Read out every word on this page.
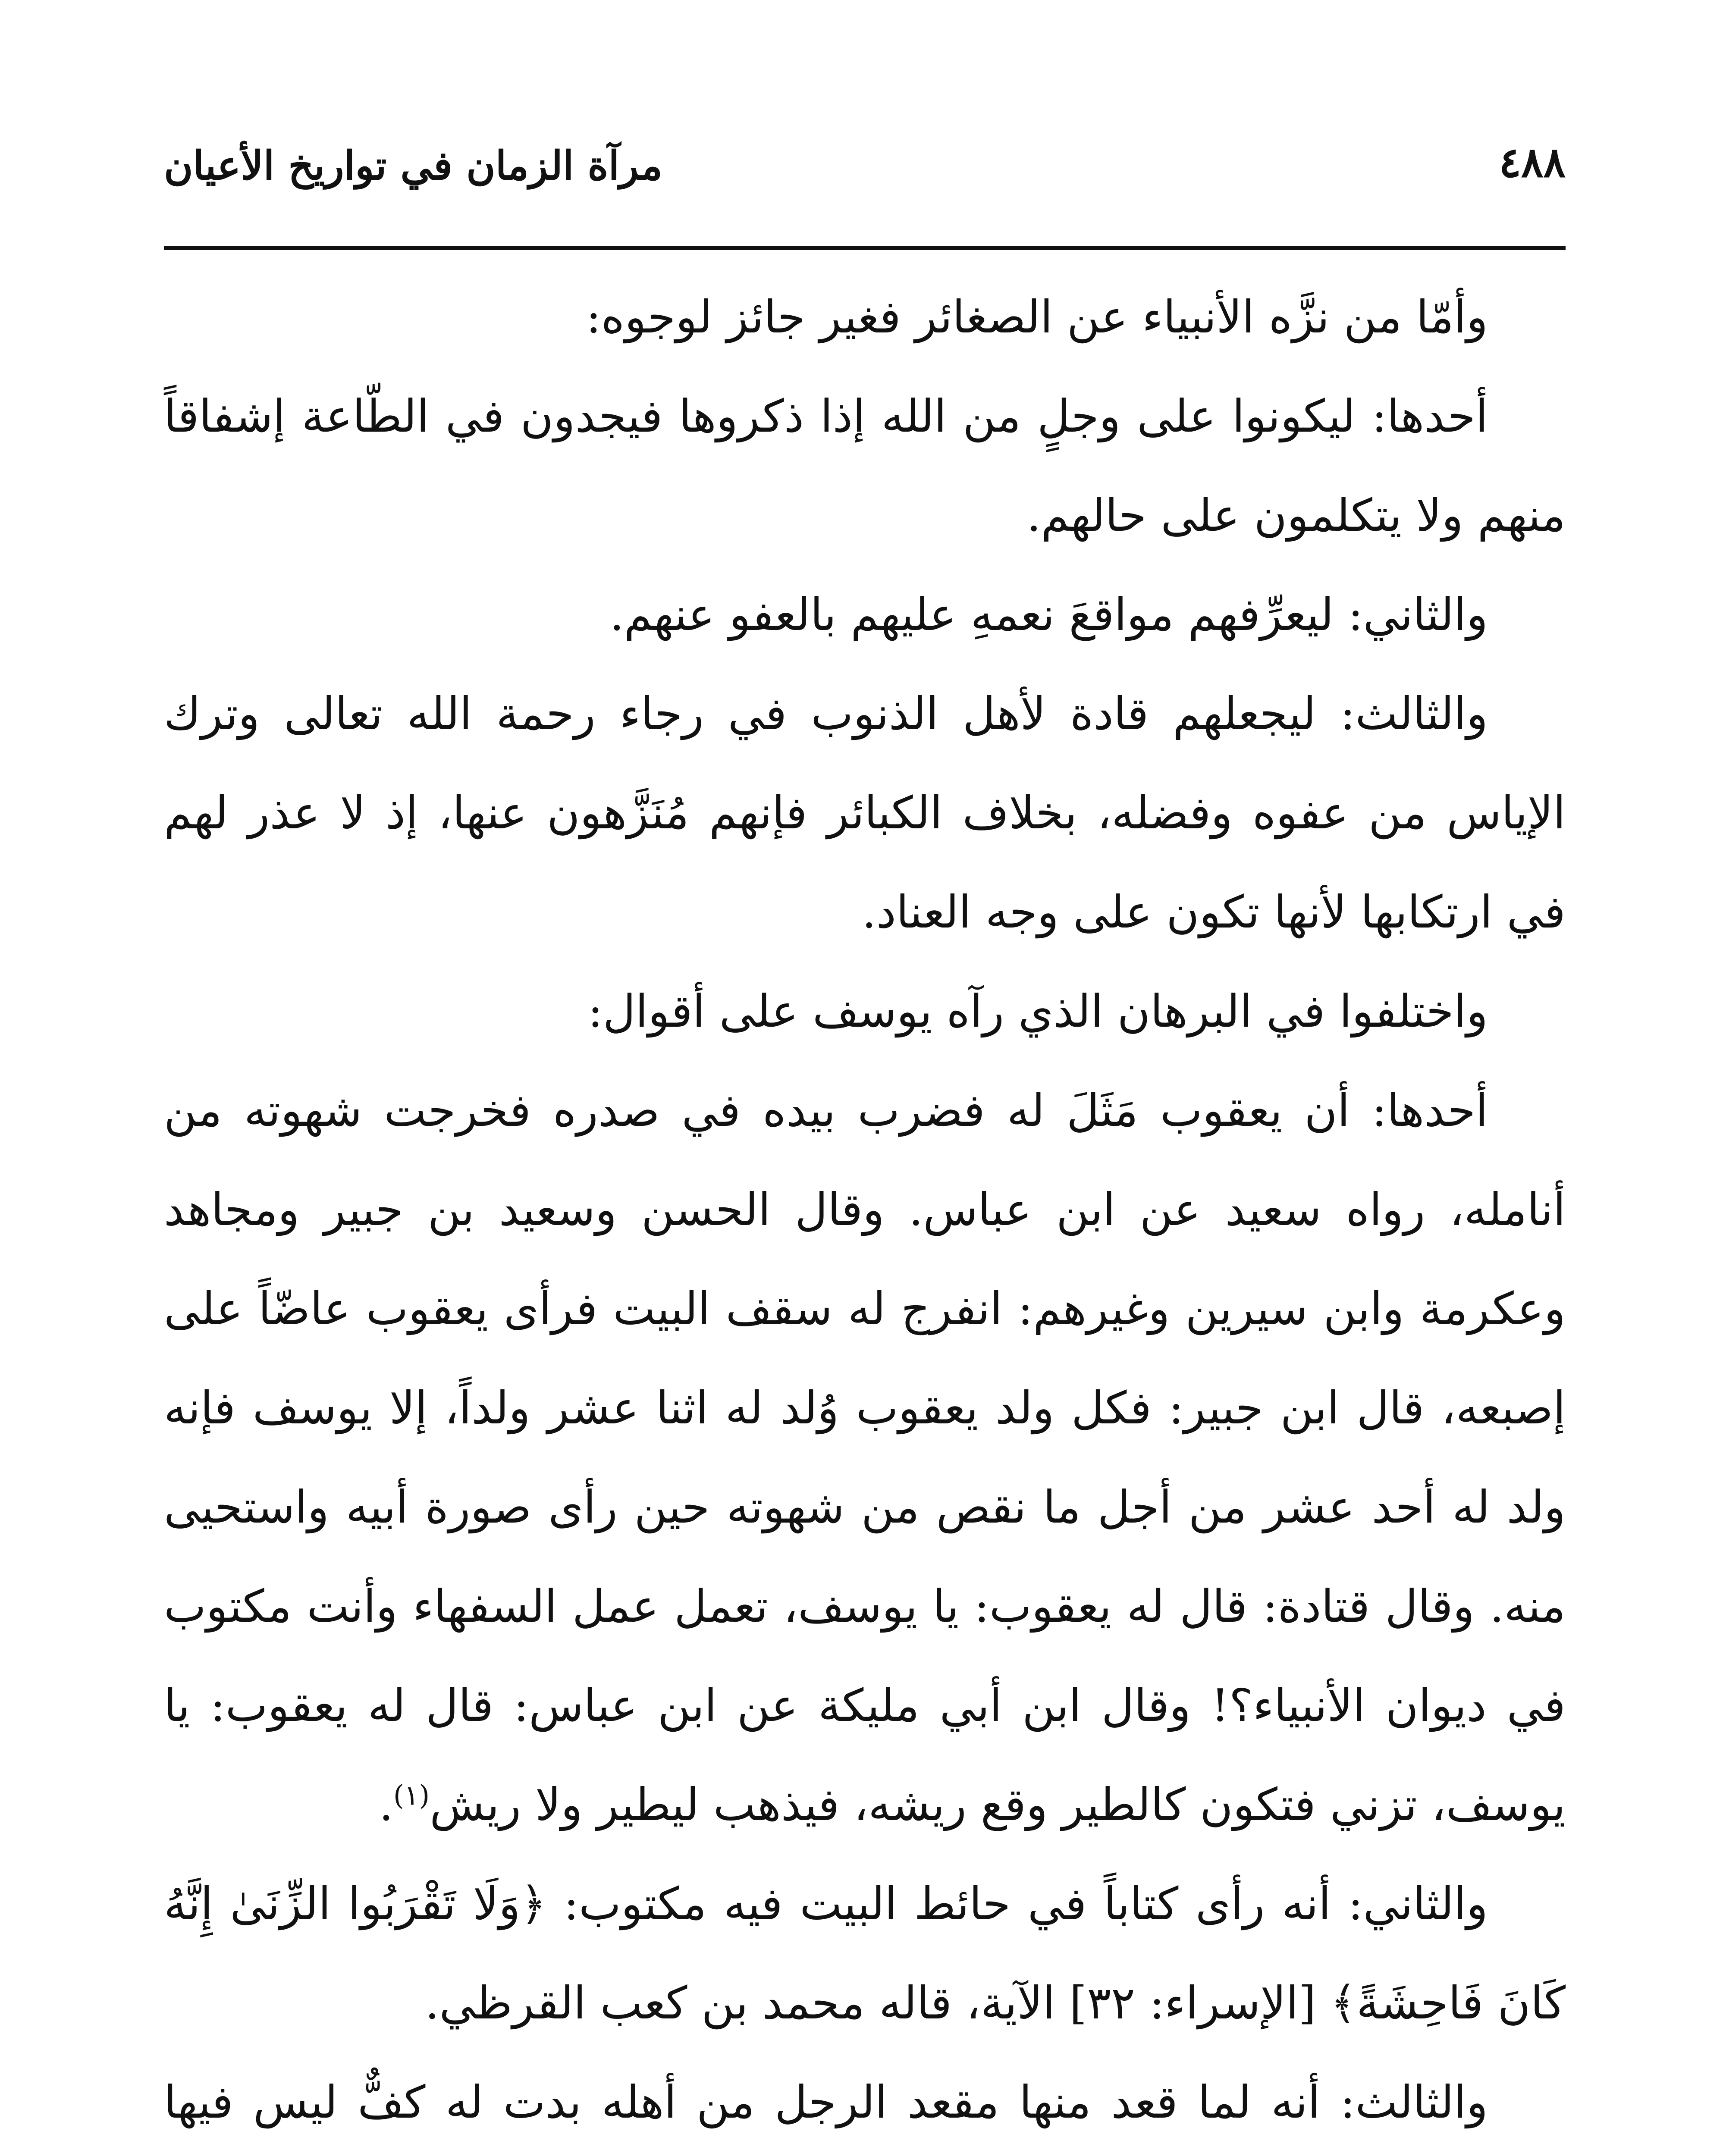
٤٨٨
مرآة الزمان في تواريخ الأعيان

وأمّا من نزَّه الأنبياء عن الصغائر فغير جائز لوجوه:

أحدها: ليكونوا على وجلٍ من الله إذا ذكروها فيجدون في الطّاعة إشفاقاً منهم ولا يتكلمون على حالهم.

والثاني: ليعرِّفهم مواقعَ نعمهِ عليهم بالعفو عنهم.

والثالث: ليجعلهم قادة لأهل الذنوب في رجاء رحمة الله تعالى وترك الإياس من عفوه وفضله، بخلاف الكبائر فإنهم مُنَزَّهون عنها، إذ لا عذر لهم في ارتكابها لأنها تكون على وجه العناد.

واختلفوا في البرهان الذي رآه يوسف على أقوال:

أحدها: أن يعقوب مَثَلَ له فضرب بيده في صدره فخرجت شهوته من أنامله، رواه سعيد عن ابن عباس. وقال الحسن وسعيد بن جبير ومجاهد وعكرمة وابن سيرين وغيرهم: انفرج له سقف البيت فرأى يعقوب عاضّاً على إصبعه، قال ابن جبير: فكل ولد يعقوب وُلد له اثنا عشر ولداً، إلا يوسف فإنه ولد له أحد عشر من أجل ما نقص من شهوته حين رأى صورة أبيه واستحيى منه. وقال قتادة: قال له يعقوب: يا يوسف، تعمل عمل السفهاء وأنت مكتوب في ديوان الأنبياء؟! وقال ابن أبي مليكة عن ابن عباس: قال له يعقوب: يا يوسف، تزني فتكون كالطير وقع ريشه، فيذهب ليطير ولا ريش$^{(١)}$.

والثاني: أنه رأى كتاباً في حائط البيت فيه مكتوب: ﴿وَلَا تَقْرَبُوا الزِّنَىٰ إِنَّهُ كَانَ فَاحِشَةً﴾ [الإسراء: ٣٢] الآية، قاله محمد بن كعب القرظي.

والثالث: أنه لما قعد منها مقعد الرجل من أهله بدت له كفٌّ ليس فيها
